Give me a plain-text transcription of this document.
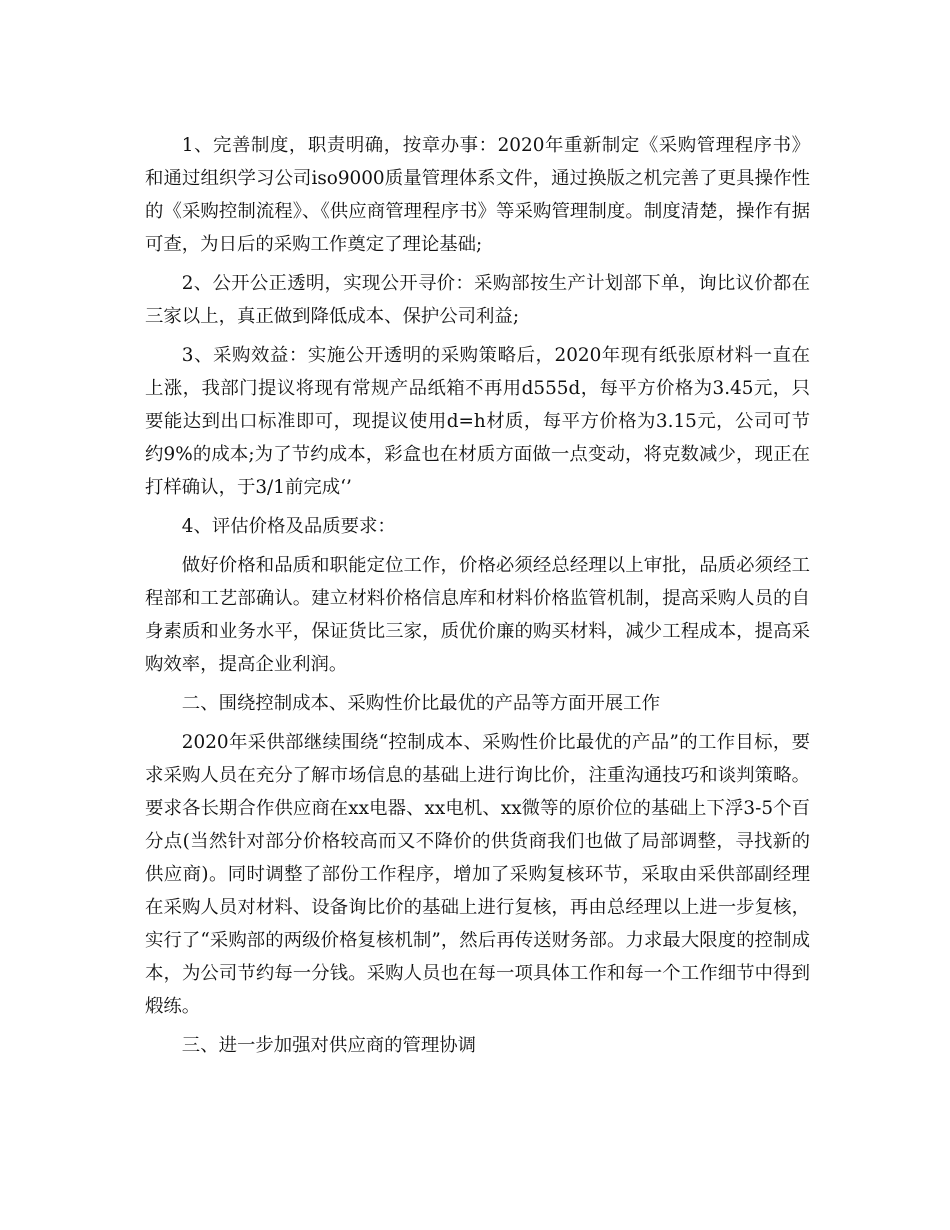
1、完善制度，职责明确，按章办事：2020年重新制定《采购管理程序书》和通过组织学习公司iso9000质量管理体系文件，通过换版之机完善了更具操作性的《采购控制流程》、《供应商管理程序书》等采购管理制度。制度清楚，操作有据可查，为日后的采购工作奠定了理论基础;

2、公开公正透明，实现公开寻价：采购部按生产计划部下单，询比议价都在三家以上，真正做到降低成本、保护公司利益;

3、采购效益：实施公开透明的采购策略后，2020年现有纸张原材料一直在上涨，我部门提议将现有常规产品纸箱不再用d555d，每平方价格为3.45元，只要能达到出口标准即可，现提议使用d=h材质，每平方价格为3.15元，公司可节约9%的成本;为了节约成本，彩盒也在材质方面做一点变动，将克数减少，现正在打样确认，于3/1前完成‘’

4、评估价格及品质要求：

做好价格和品质和职能定位工作，价格必须经总经理以上审批，品质必须经工程部和工艺部确认。建立材料价格信息库和材料价格监管机制，提高采购人员的自身素质和业务水平，保证货比三家，质优价廉的购买材料，减少工程成本，提高采购效率，提高企业利润。

二、围绕控制成本、采购性价比最优的产品等方面开展工作

2020年采供部继续围绕“控制成本、采购性价比最优的产品”的工作目标，要求采购人员在充分了解市场信息的基础上进行询比价，注重沟通技巧和谈判策略。要求各长期合作供应商在xx电器、xx电机、xx微等的原价位的基础上下浮3-5个百分点(当然针对部分价格较高而又不降价的供货商我们也做了局部调整，寻找新的供应商)。同时调整了部份工作程序，增加了采购复核环节，采取由采供部副经理在采购人员对材料、设备询比价的基础上进行复核，再由总经理以上进一步复核，实行了“采购部的两级价格复核机制”，然后再传送财务部。力求最大限度的控制成本，为公司节约每一分钱。采购人员也在每一项具体工作和每一个工作细节中得到煅练。

三、进一步加强对供应商的管理协调
